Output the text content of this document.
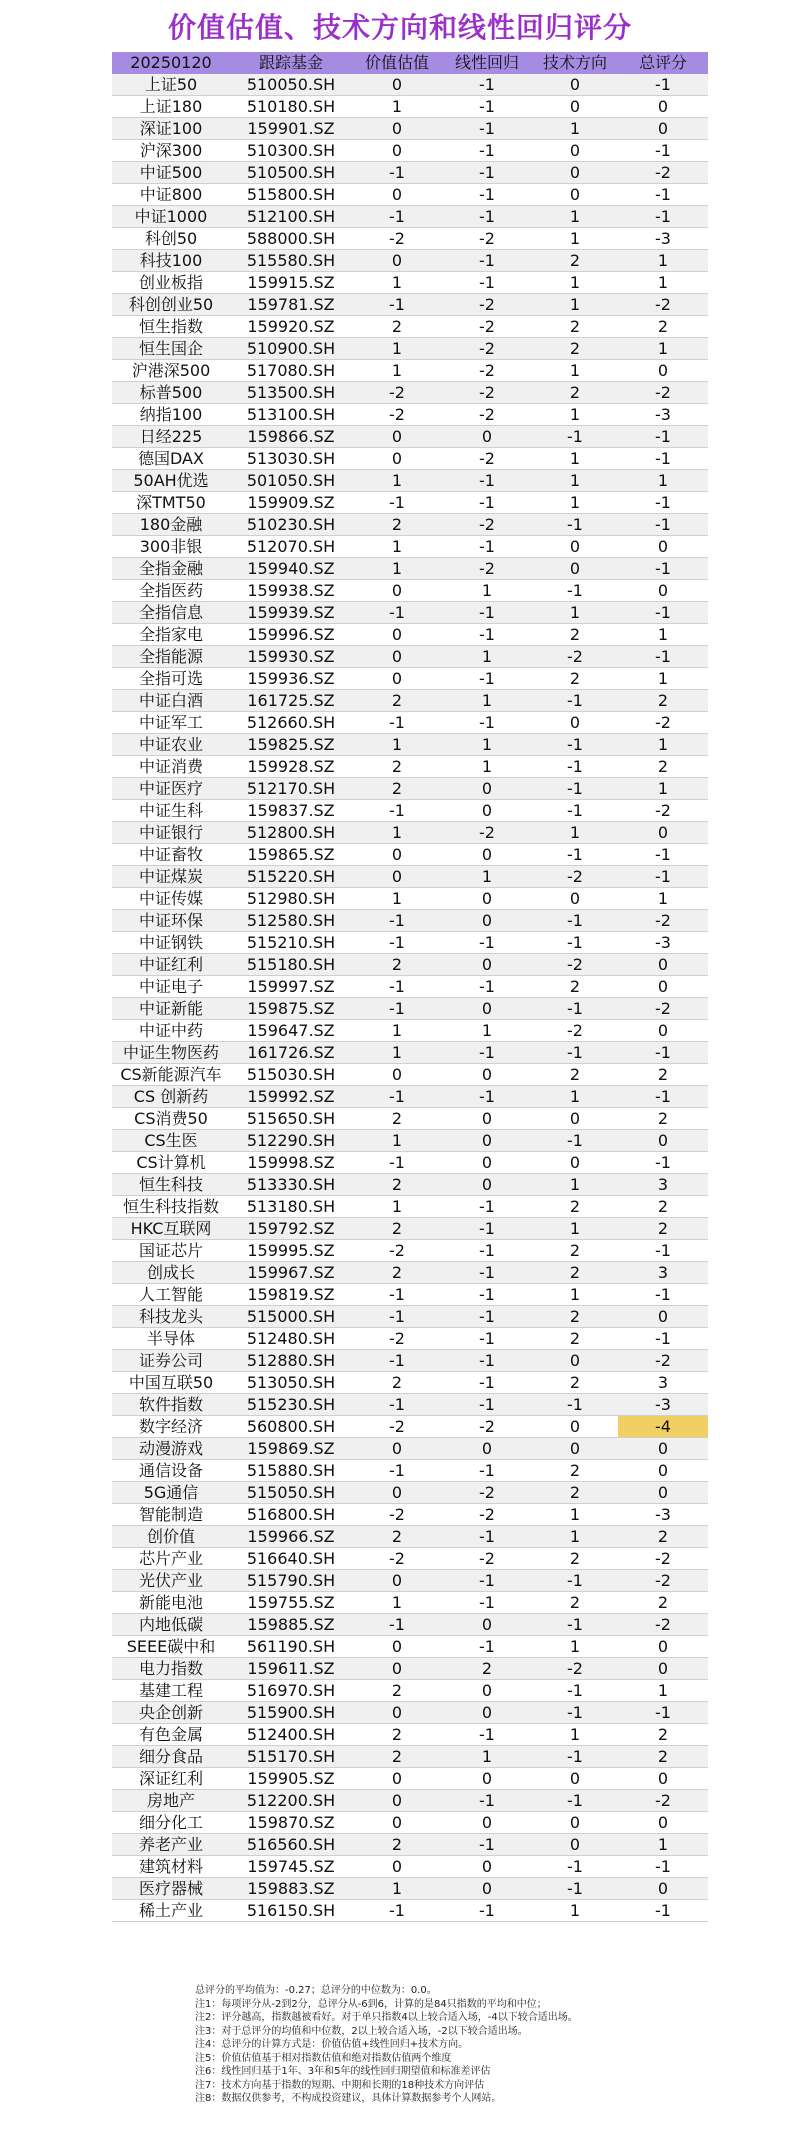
价值估值、技术方向和线性回归评分
20250120	跟踪基金	价值估值	线性回归	技术方向	总评分
上证50	510050.SH	0	-1	0	-1
上证180	510180.SH	1	-1	0	0
深证100	159901.SZ	0	-1	1	0
沪深300	510300.SH	0	-1	0	-1
中证500	510500.SH	-1	-1	0	-2
中证800	515800.SH	0	-1	0	-1
中证1000	512100.SH	-1	-1	1	-1
科创50	588000.SH	-2	-2	1	-3
科技100	515580.SH	0	-1	2	1
创业板指	159915.SZ	1	-1	1	1
科创创业50	159781.SZ	-1	-2	1	-2
恒生指数	159920.SZ	2	-2	2	2
恒生国企	510900.SH	1	-2	2	1
沪港深500	517080.SH	1	-2	1	0
标普500	513500.SH	-2	-2	2	-2
纳指100	513100.SH	-2	-2	1	-3
日经225	159866.SZ	0	0	-1	-1
德国DAX	513030.SH	0	-2	1	-1
50AH优选	501050.SH	1	-1	1	1
深TMT50	159909.SZ	-1	-1	1	-1
180金融	510230.SH	2	-2	-1	-1
300非银	512070.SH	1	-1	0	0
全指金融	159940.SZ	1	-2	0	-1
全指医药	159938.SZ	0	1	-1	0
全指信息	159939.SZ	-1	-1	1	-1
全指家电	159996.SZ	0	-1	2	1
全指能源	159930.SZ	0	1	-2	-1
全指可选	159936.SZ	0	-1	2	1
中证白酒	161725.SZ	2	1	-1	2
中证军工	512660.SH	-1	-1	0	-2
中证农业	159825.SZ	1	1	-1	1
中证消费	159928.SZ	2	1	-1	2
中证医疗	512170.SH	2	0	-1	1
中证生科	159837.SZ	-1	0	-1	-2
中证银行	512800.SH	1	-2	1	0
中证畜牧	159865.SZ	0	0	-1	-1
中证煤炭	515220.SH	0	1	-2	-1
中证传媒	512980.SH	1	0	0	1
中证环保	512580.SH	-1	0	-1	-2
中证钢铁	515210.SH	-1	-1	-1	-3
中证红利	515180.SH	2	0	-2	0
中证电子	159997.SZ	-1	-1	2	0
中证新能	159875.SZ	-1	0	-1	-2
中证中药	159647.SZ	1	1	-2	0
中证生物医药	161726.SZ	1	-1	-1	-1
CS新能源汽车	515030.SH	0	0	2	2
CS 创新药	159992.SZ	-1	-1	1	-1
CS消费50	515650.SH	2	0	0	2
CS生医	512290.SH	1	0	-1	0
CS计算机	159998.SZ	-1	0	0	-1
恒生科技	513330.SH	2	0	1	3
恒生科技指数	513180.SH	1	-1	2	2
HKC互联网	159792.SZ	2	-1	1	2
国证芯片	159995.SZ	-2	-1	2	-1
创成长	159967.SZ	2	-1	2	3
人工智能	159819.SZ	-1	-1	1	-1
科技龙头	515000.SH	-1	-1	2	0
半导体	512480.SH	-2	-1	2	-1
证券公司	512880.SH	-1	-1	0	-2
中国互联50	513050.SH	2	-1	2	3
软件指数	515230.SH	-1	-1	-1	-3
数字经济	560800.SH	-2	-2	0	-4
动漫游戏	159869.SZ	0	0	0	0
通信设备	515880.SH	-1	-1	2	0
5G通信	515050.SH	0	-2	2	0
智能制造	516800.SH	-2	-2	1	-3
创价值	159966.SZ	2	-1	1	2
芯片产业	516640.SH	-2	-2	2	-2
光伏产业	515790.SH	0	-1	-1	-2
新能电池	159755.SZ	1	-1	2	2
内地低碳	159885.SZ	-1	0	-1	-2
SEEE碳中和	561190.SH	0	-1	1	0
电力指数	159611.SZ	0	2	-2	0
基建工程	516970.SH	2	0	-1	1
央企创新	515900.SH	0	0	-1	-1
有色金属	512400.SH	2	-1	1	2
细分食品	515170.SH	2	1	-1	2
深证红利	159905.SZ	0	0	0	0
房地产	512200.SH	0	-1	-1	-2
细分化工	159870.SZ	0	0	0	0
养老产业	516560.SH	2	-1	0	1
建筑材料	159745.SZ	0	0	-1	-1
医疗器械	159883.SZ	1	0	-1	0
稀土产业	516150.SH	-1	-1	1	-1
总评分的平均值为：-0.27；总评分的中位数为：0.0。
注1：每项评分从-2到2分，总评分从-6到6，计算的是84只指数的平均和中位；
注2：评分越高，指数越被看好。对于单只指数4以上较合适入场，-4以下较合适出场。
注3：对于总评分的均值和中位数，2以上较合适入场，-2以下较合适出场。
注4：总评分的计算方式是：价值估值+线性回归+技术方向。
注5：价值估值基于相对指数估值和绝对指数估值两个维度
注6：线性回归基于1年、3年和5年的线性回归期望值和标准差评估
注7：技术方向基于指数的短期、中期和长期的18种技术方向评估
注8：数据仅供参考，不构成投资建议，具体计算数据参考个人网站。
